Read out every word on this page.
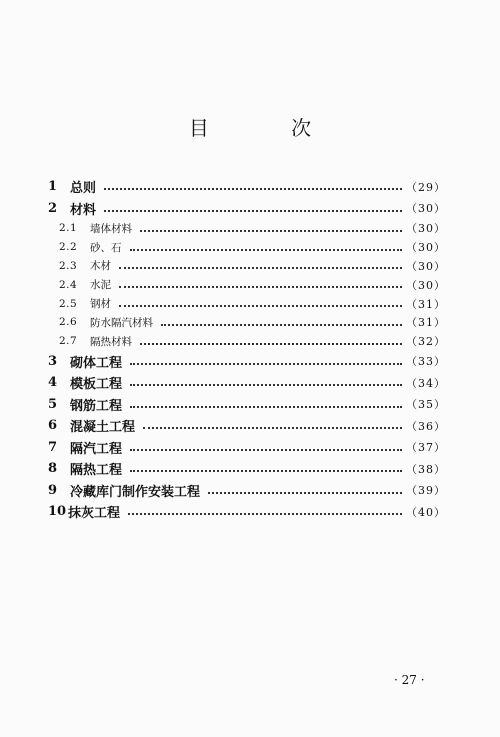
目 次
1 总则	（29）
2 材料	（30）
2.1	墙体材料	（30）
2.2	砂、石	（30）
2.3	木材	（30）
2.4	水泥	（30）
2.5	钢材	（31）
2.6	防水隔汽材料	（31）
2.7	隔热材料	（32）
3 砌体工程	（33）
4 模板工程	（34）
5 钢筋工程	（35）
6 混凝土工程	（36）
7 隔汽工程	（37）
8 隔热工程	（38）
9 冷藏库门制作安装工程	（39）
10 抹灰工程	（40）
· 27 ·
